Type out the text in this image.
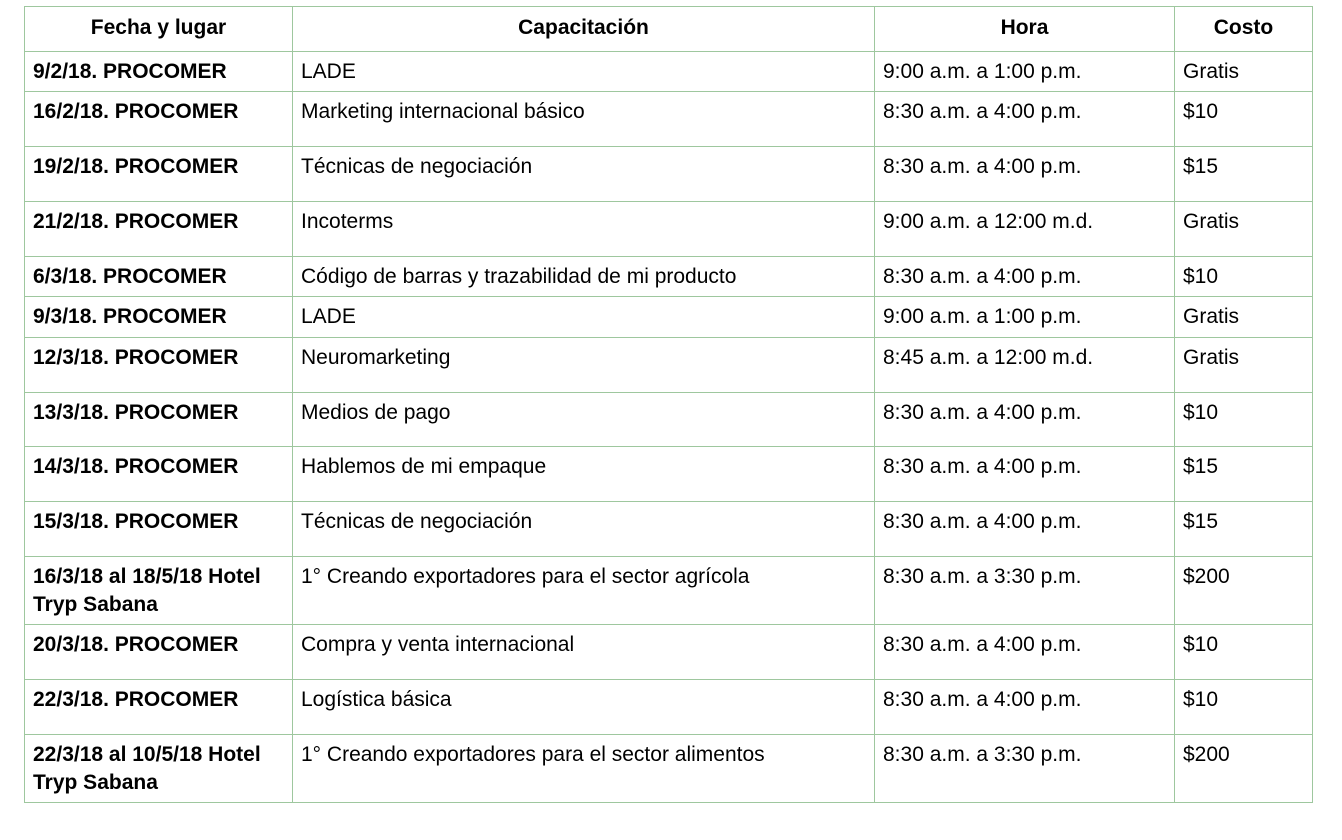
Fecha y lugar	Capacitación	Hora	Costo
9/2/18. PROCOMER	LADE	9:00 a.m. a 1:00 p.m.	Gratis
16/2/18. PROCOMER	Marketing internacional básico	8:30 a.m. a 4:00 p.m.	$10
19/2/18. PROCOMER	Técnicas de negociación	8:30 a.m. a 4:00 p.m.	$15
21/2/18. PROCOMER	Incoterms	9:00 a.m. a 12:00 m.d.	Gratis
6/3/18. PROCOMER	Código de barras y trazabilidad de mi producto	8:30 a.m. a 4:00 p.m.	$10
9/3/18. PROCOMER	LADE	9:00 a.m. a 1:00 p.m.	Gratis
12/3/18. PROCOMER	Neuromarketing	8:45 a.m. a 12:00 m.d.	Gratis
13/3/18. PROCOMER	Medios de pago	8:30 a.m. a 4:00 p.m.	$10
14/3/18. PROCOMER	Hablemos de mi empaque	8:30 a.m. a 4:00 p.m.	$15
15/3/18. PROCOMER	Técnicas de negociación	8:30 a.m. a 4:00 p.m.	$15
16/3/18 al 18/5/18 Hotel Tryp Sabana	1° Creando exportadores para el sector agrícola	8:30 a.m. a 3:30 p.m.	$200
20/3/18. PROCOMER	Compra y venta internacional	8:30 a.m. a 4:00 p.m.	$10
22/3/18. PROCOMER	Logística básica	8:30 a.m. a 4:00 p.m.	$10
22/3/18 al 10/5/18 Hotel Tryp Sabana	1° Creando exportadores para el sector alimentos	8:30 a.m. a 3:30 p.m.	$200
